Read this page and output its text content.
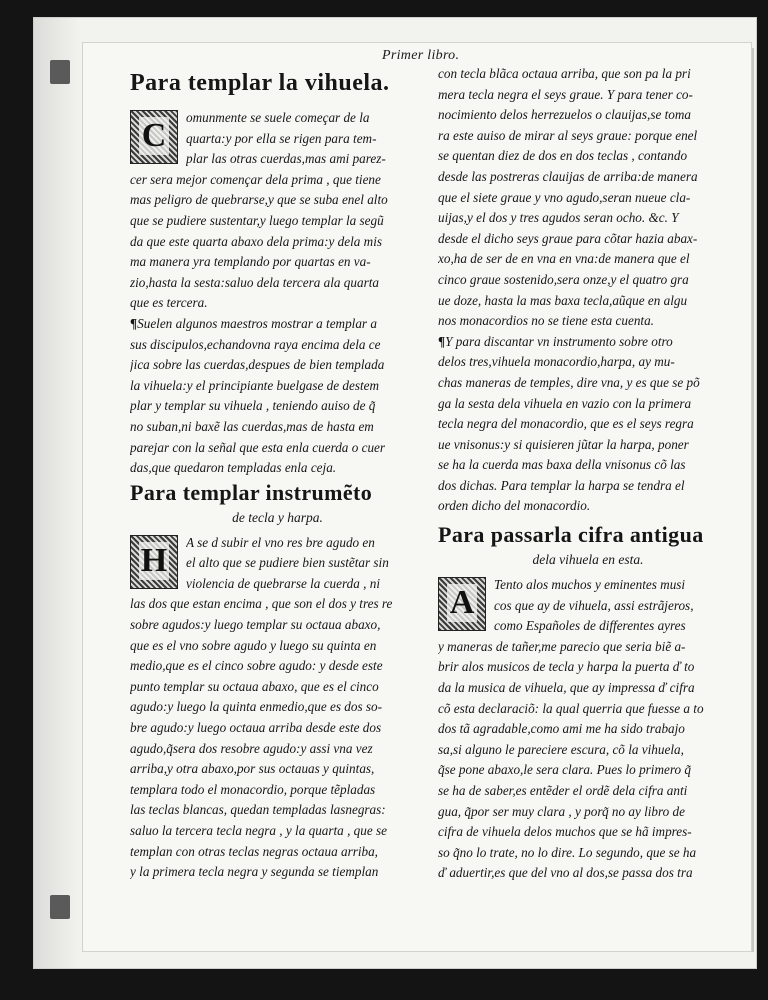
Primer libro.
Para templar la vihuela.
C omunmente se suele começar de la
quarta:y por ella se rigen para tem-
plar las otras cuerdas,mas ami parez-
cer sera mejor començar dela prima , que tiene
mas peligro de quebrarse,y que se suba enel alto
que se pudiere sustentar,y luego templar la segũ
da que este quarta abaxo dela prima:y dela mis
ma manera yra templando por quartas en va-
zio,hasta la sesta:saluo dela tercera ala quarta
que es tercera.
¶Suelen algunos maestros mostrar a templar a
sus discipulos,echandovna raya encima dela ce
jica sobre las cuerdas,despues de bien templada
la vihuela:y el principiante buelgase de destem
plar y templar su vihuela , teniendo auiso de q̃
no suban,ni baxẽ las cuerdas,mas de hasta em
parejar con la señal que esta enla cuerda o cuer
das,que quedaron templadas enla ceja.
Para templar instrumẽto
de tecla y harpa.
H A se d subir el vno res bre agudo en
el alto que se pudiere bien sustẽtar sin
violencia de quebrarse la cuerda , ni
las dos que estan encima , que son el dos y tres re
sobre agudos:y luego templar su octaua abaxo,
que es el vno sobre agudo y luego su quinta en
medio,que es el cinco sobre agudo: y desde este
punto templar su octaua abaxo, que es el cinco
agudo:y luego la quinta enmedio,que es dos so-
bre agudo:y luego octaua arriba desde este dos
agudo,q̃sera dos resobre agudo:y assi vna vez
arriba,y otra abaxo,por sus octauas y quintas,
templara todo el monacordio, porque tẽpladas
las teclas blancas, quedan templadas lasnegras:
saluo la tercera tecla negra , y la quarta , que se
templan con otras teclas negras octaua arriba,
y la primera tecla negra y segunda se tiemplan
con tecla blãca octaua arriba, que son pa la pri
mera tecla negra el seys graue. Y para tener co-
nocimiento delos herrezuelos o clauijas,se toma
ra este auiso de mirar al seys graue: porque enel
se quentan diez de dos en dos teclas , contando
desde las postreras clauijas de arriba:de manera
que el siete graue y vno agudo,seran nueue cla-
uijas,y el dos y tres agudos seran ocho. &c. Y
desde el dicho seys graue para cõtar hazia abax-
xo,ha de ser de en vna en vna:de manera que el
cinco graue sostenido,sera onze,y el quatro gra
ue doze, hasta la mas baxa tecla,aũque en algu
nos monacordios no se tiene esta cuenta.
¶Y para discantar vn instrumento sobre otro
delos tres,vihuela monacordio,harpa, ay mu-
chas maneras de temples, dire vna, y es que se põ
ga la sesta dela vihuela en vazio con la primera
tecla negra del monacordio, que es el seys regra
ue vnisonus:y si quisieren jũtar la harpa, poner
se ha la cuerda mas baxa della vnisonus cõ las
dos dichas. Para templar la harpa se tendra el
orden dicho del monacordio.
Para passarla cifra antigua
dela vihuela en esta.
A Tento alos muchos y eminentes musi
cos que ay de vihuela, assi estrãjeros,
como Españoles de differentes ayres
y maneras de tañer,me parecio que seria biẽ a-
brir alos musicos de tecla y harpa la puerta ď to
da la musica de vihuela, que ay impressa ď cifra
cõ esta declaraciõ: la qual querria que fuesse a to
dos tã agradable,como ami me ha sido trabajo
sa,si alguno le pareciere escura, cõ la vihuela,
q̃se pone abaxo,le sera clara. Pues lo primero q̃
se ha de saber,es entẽder el ordẽ dela cifra anti
gua, q̃por ser muy clara , y porq̃ no ay libro de
cifra de vihuela delos muchos que se hã impres-
so q̃no lo trate, no lo dire. Lo segundo, que se ha
ď aduertir,es que del vno al dos,se passa dos tra
